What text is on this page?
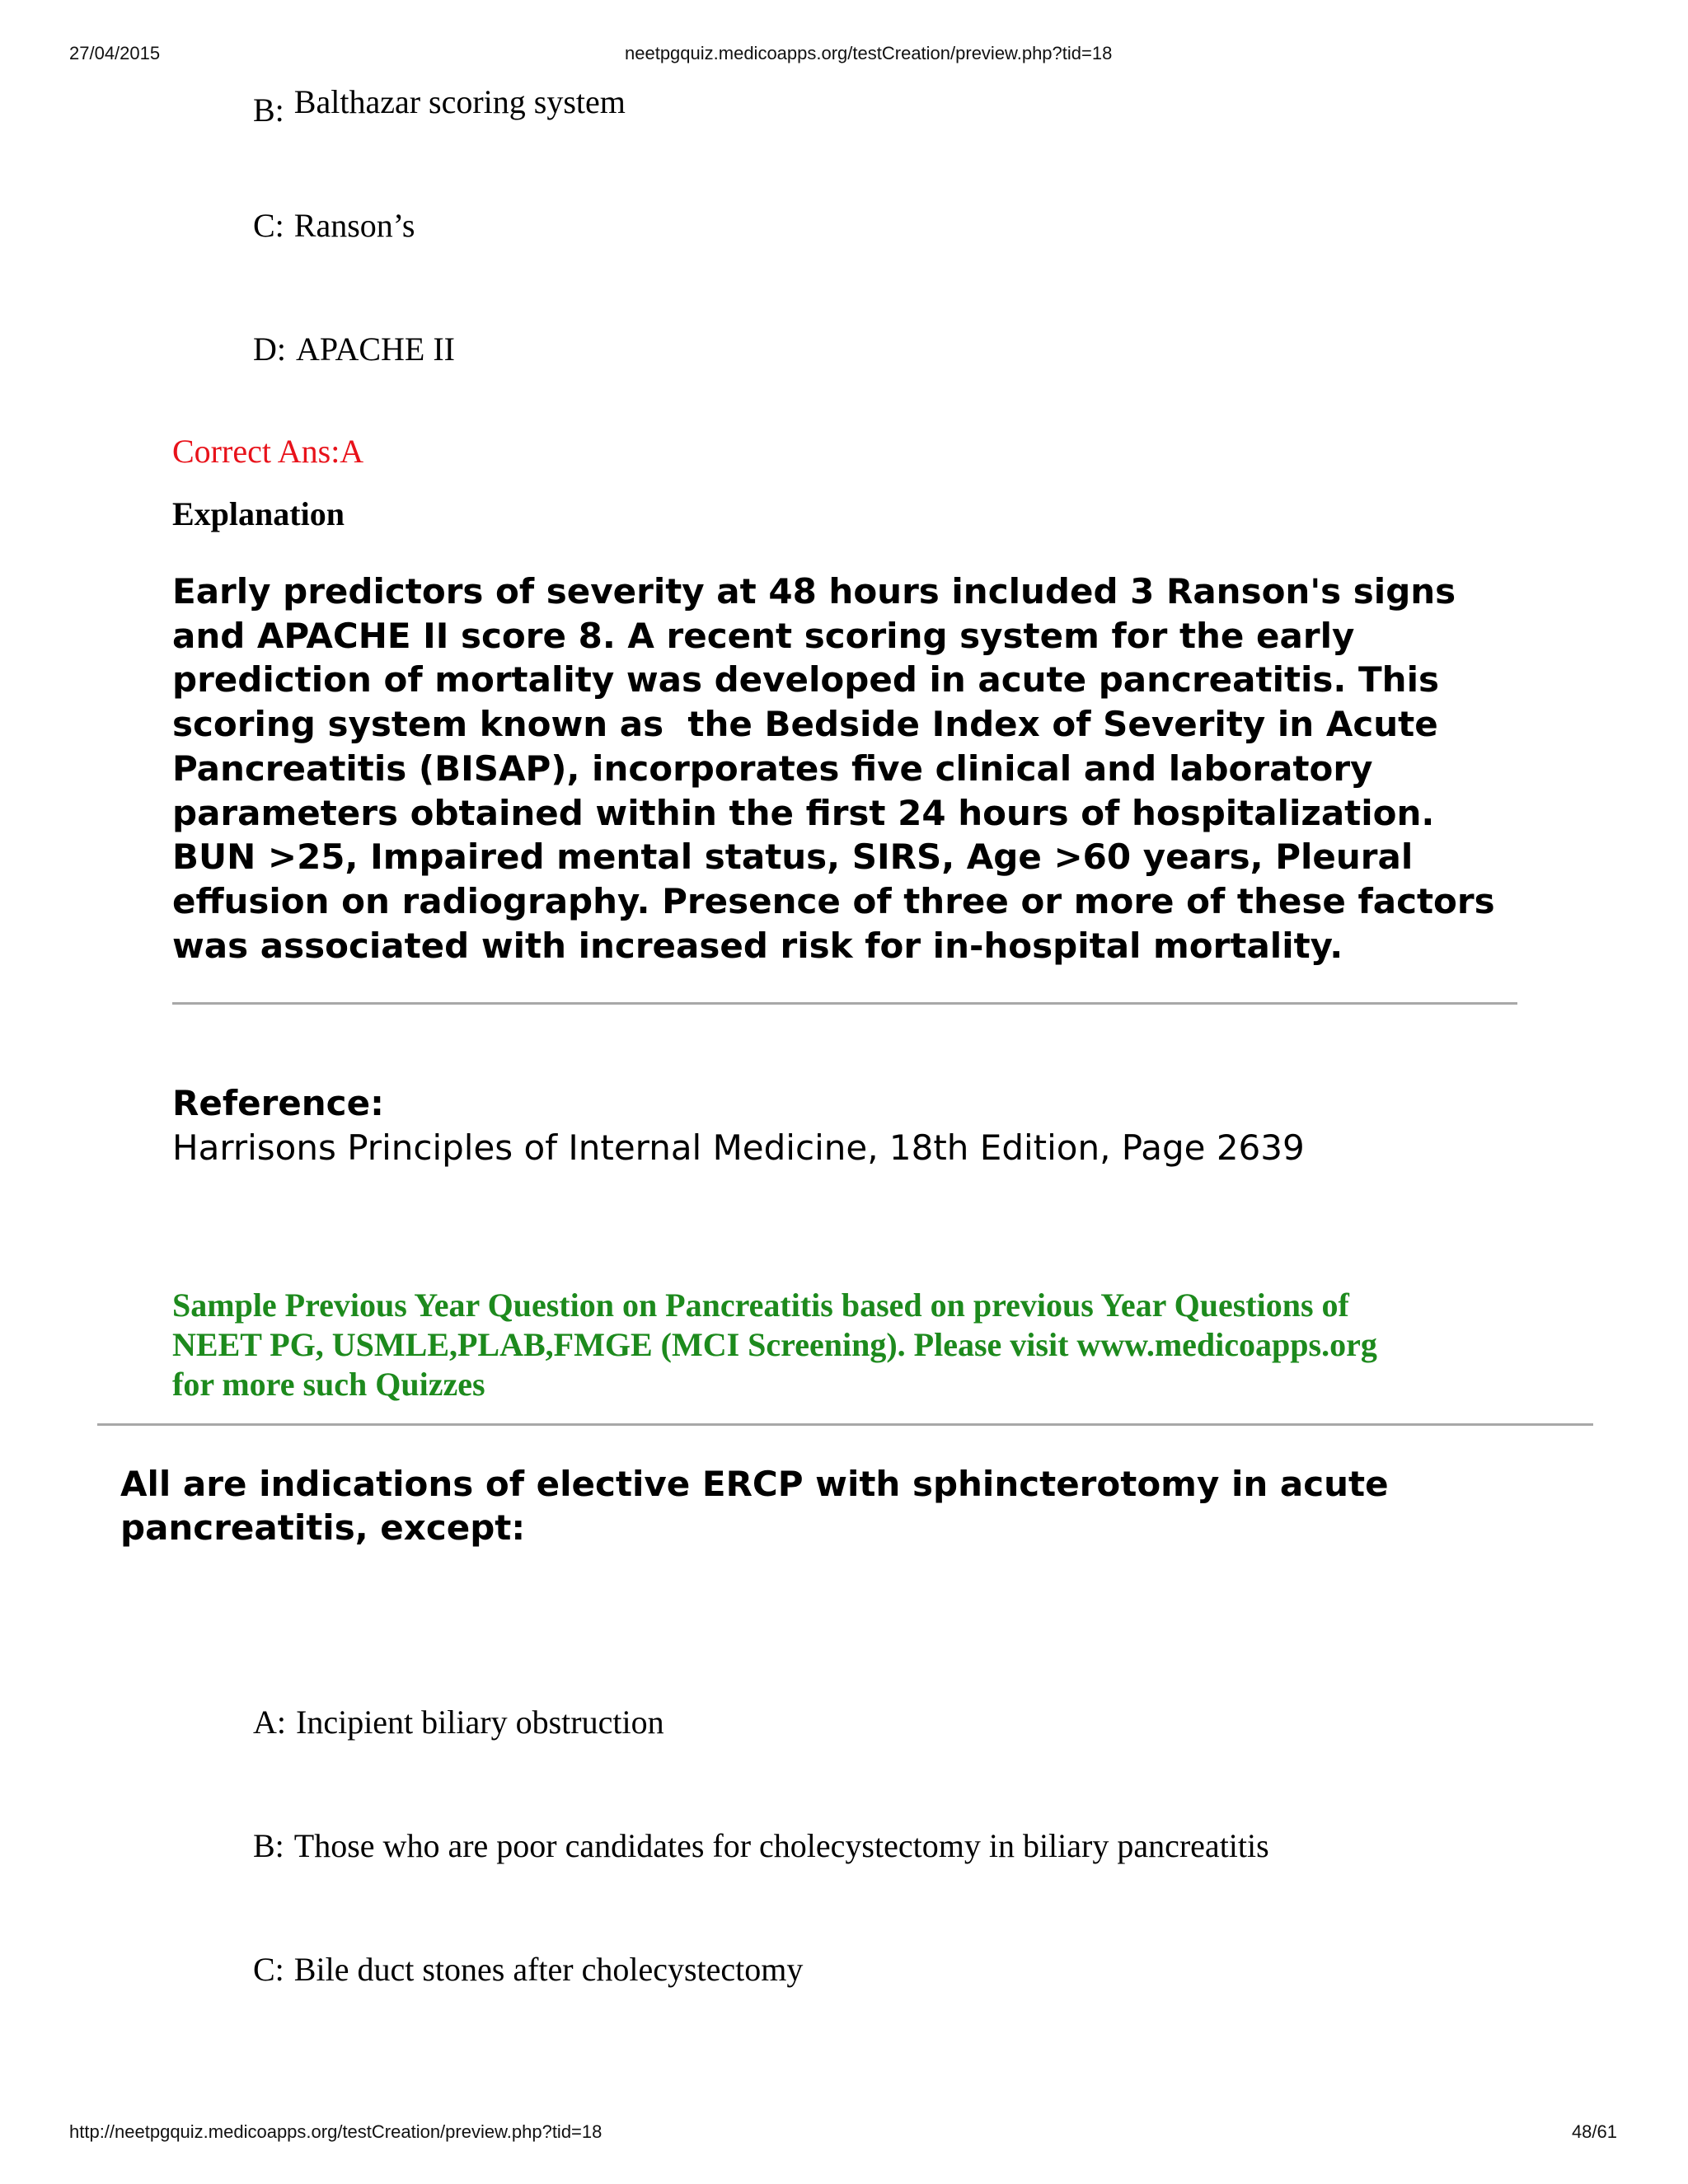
27/04/2015	neetpgquiz.medicoapps.org/testCreation/preview.php?tid=18
B: Balthazar scoring system
C: Ranson’s
D: APACHE II
Correct Ans:A
Explanation
Early predictors of severity at 48 hours included 3 Ranson's signs
and APACHE II score 8. A recent scoring system for the early
prediction of mortality was developed in acute pancreatitis. This
scoring system known as  the Bedside Index of Severity in Acute
Pancreatitis (BISAP), incorporates five clinical and laboratory
parameters obtained within the first 24 hours of hospitalization.
BUN >25, Impaired mental status, SIRS, Age >60 years, Pleural
effusion on radiography. Presence of three or more of these factors
was associated with increased risk for in-hospital mortality.
Reference:
Harrisons Principles of Internal Medicine, 18th Edition, Page 2639
Sample Previous Year Question on Pancreatitis based on previous Year Questions of
NEET PG, USMLE,PLAB,FMGE (MCI Screening). Please visit www.medicoapps.org
for more such Quizzes
All are indications of elective ERCP with sphincterotomy in acute
pancreatitis, except:
A: Incipient biliary obstruction
B: Those who are poor candidates for cholecystectomy in biliary pancreatitis
C: Bile duct stones after cholecystectomy
http://neetpgquiz.medicoapps.org/testCreation/preview.php?tid=18	48/61
